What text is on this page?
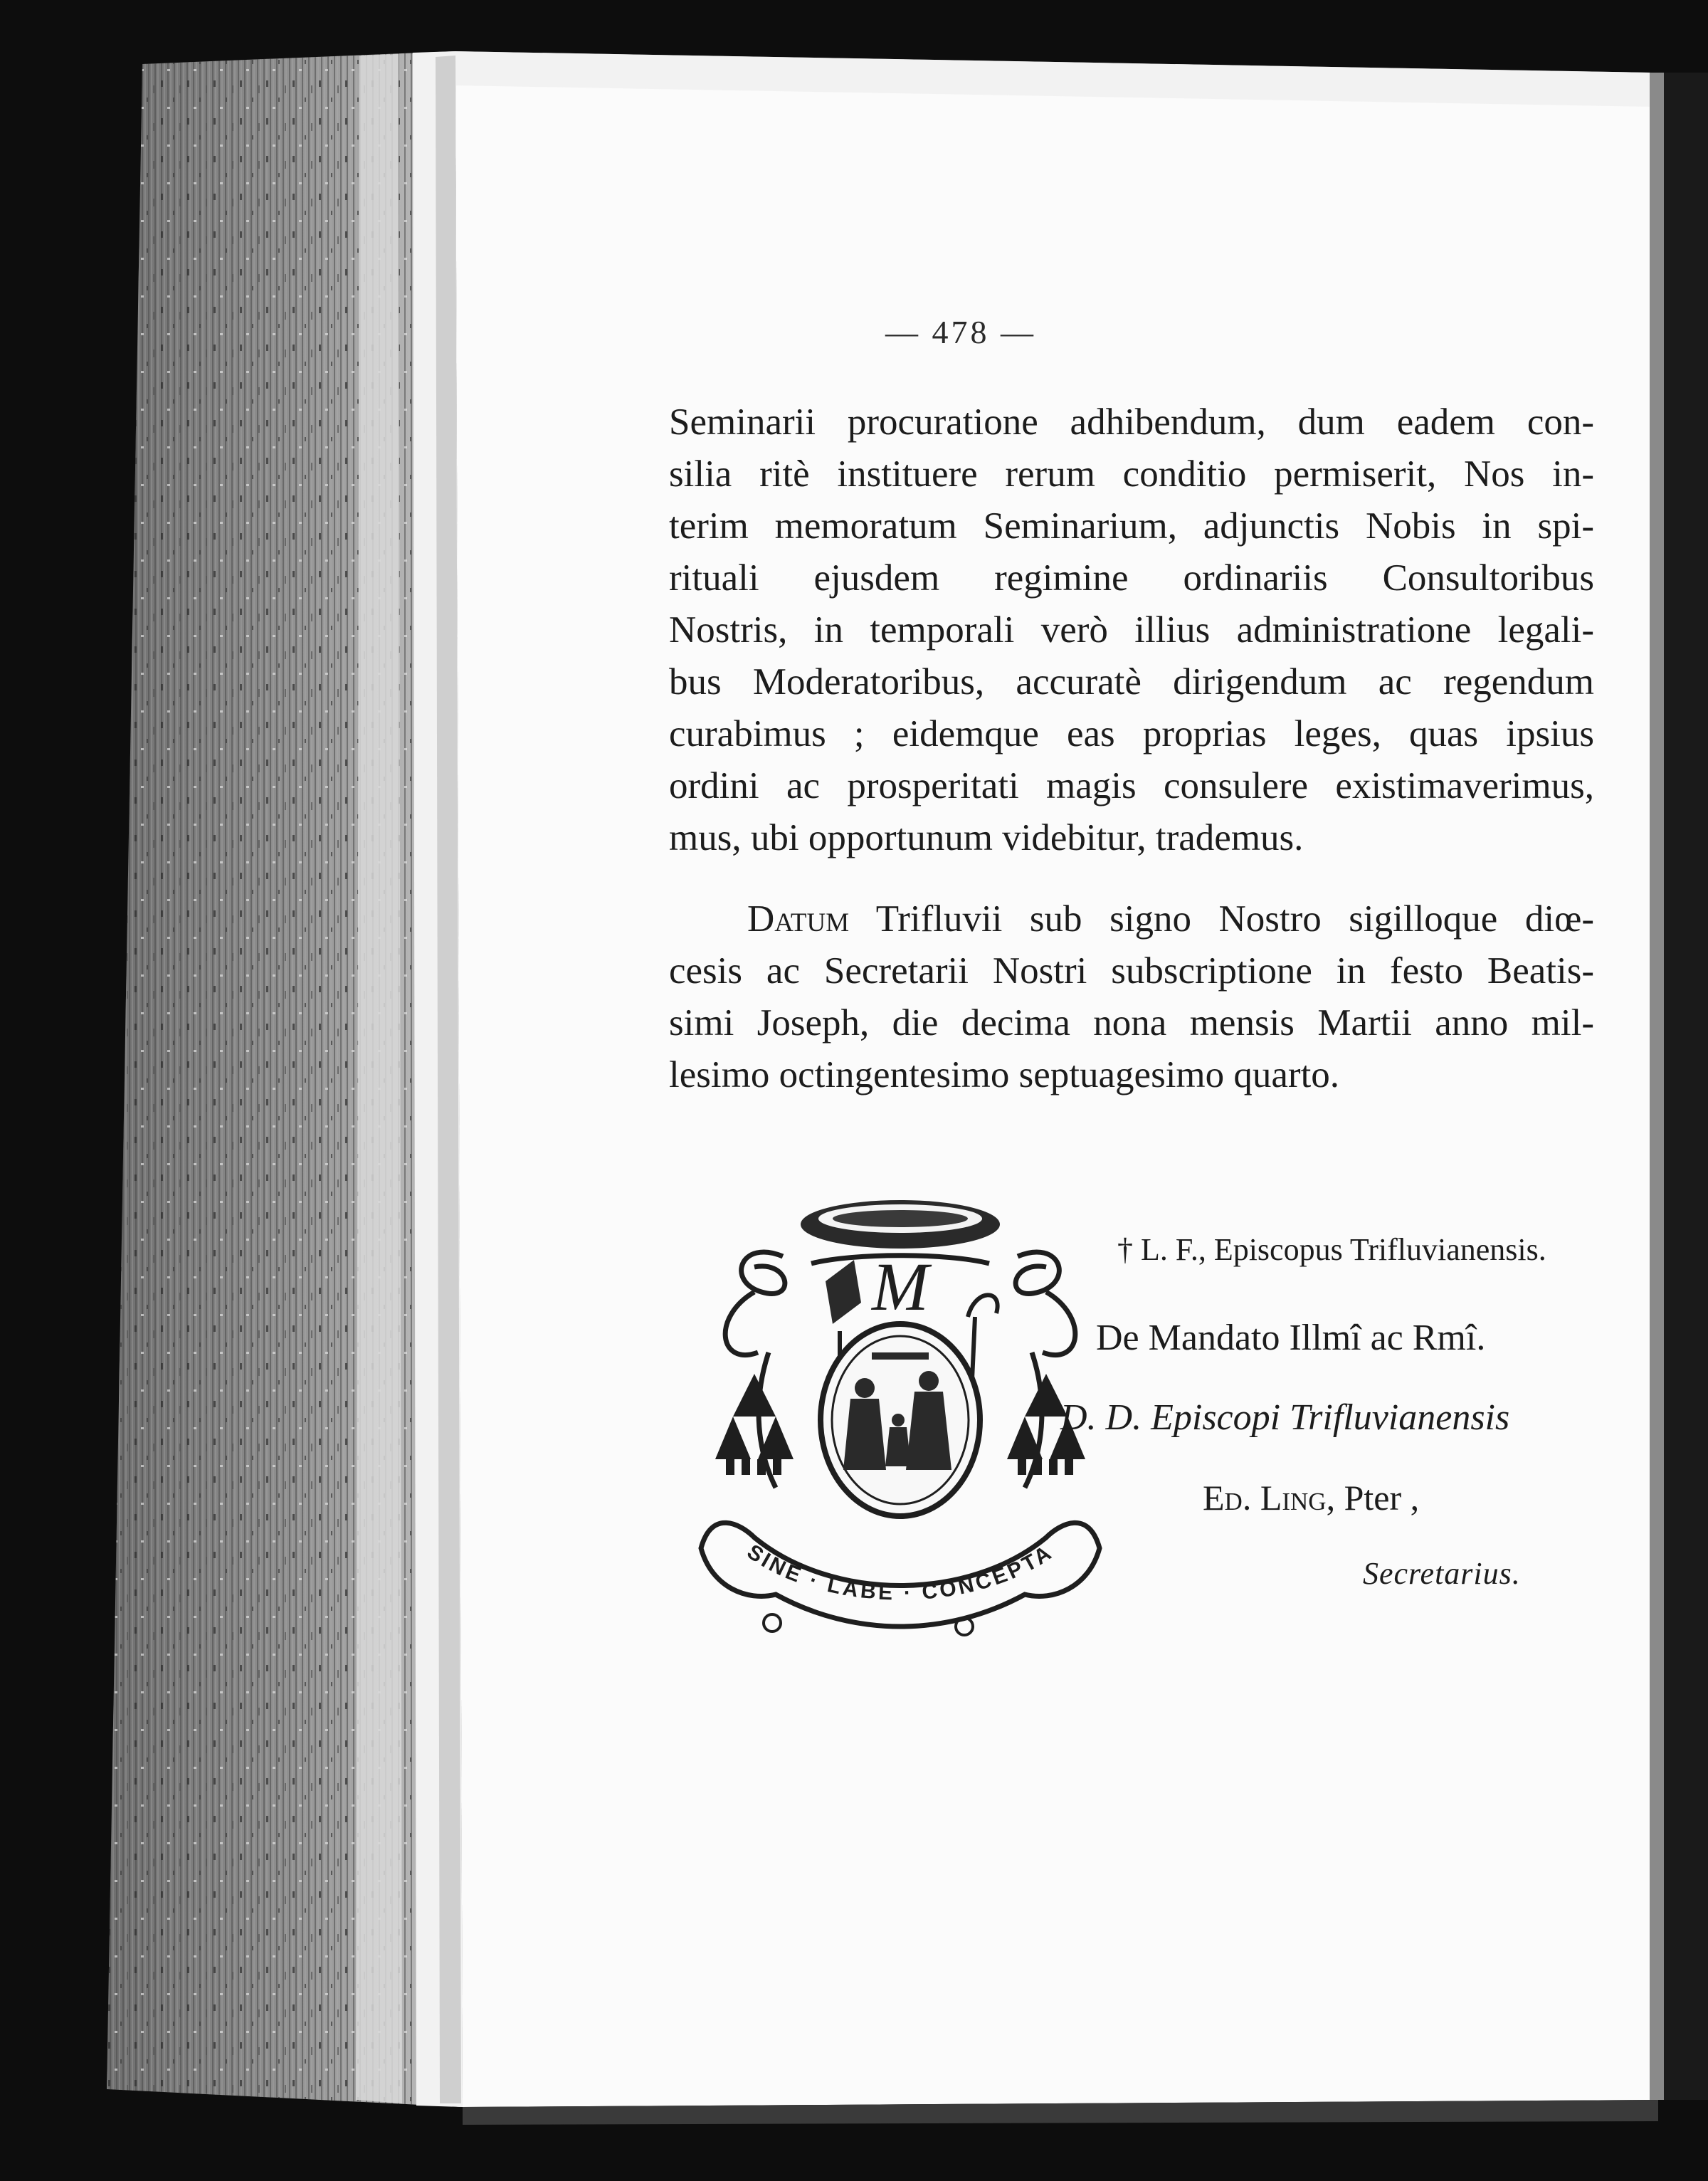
M
SINE · LABE · CONCEPTA
— 478 —
Seminarii procuratione adhibendum, dum eadem con-
silia ritè instituere rerum conditio permiserit, Nos in-
terim memoratum Seminarium, adjunctis Nobis in spi-
rituali ejusdem regimine ordinariis Consultoribus
Nostris, in temporali verò illius administratione legali-
bus Moderatoribus, accuratè dirigendum ac regendum
curabimus ; eidemque eas proprias leges, quas ipsius
ordini ac prosperitati magis consulere existimaverimus,
mus, ubi opportunum videbitur, trademus.
Datum Trifluvii sub signo Nostro sigilloque diœ-
cesis ac Secretarii Nostri subscriptione in festo Beatis-
simi Joseph, die decima nona mensis Martii anno mil-
lesimo octingentesimo septuagesimo quarto.
† L. F., Episcopus Trifluvianensis.
De Mandato Illmî ac Rmî.
D. D. Episcopi Trifluvianensis
Ed. Ling, Pter ,
Secretarius.
